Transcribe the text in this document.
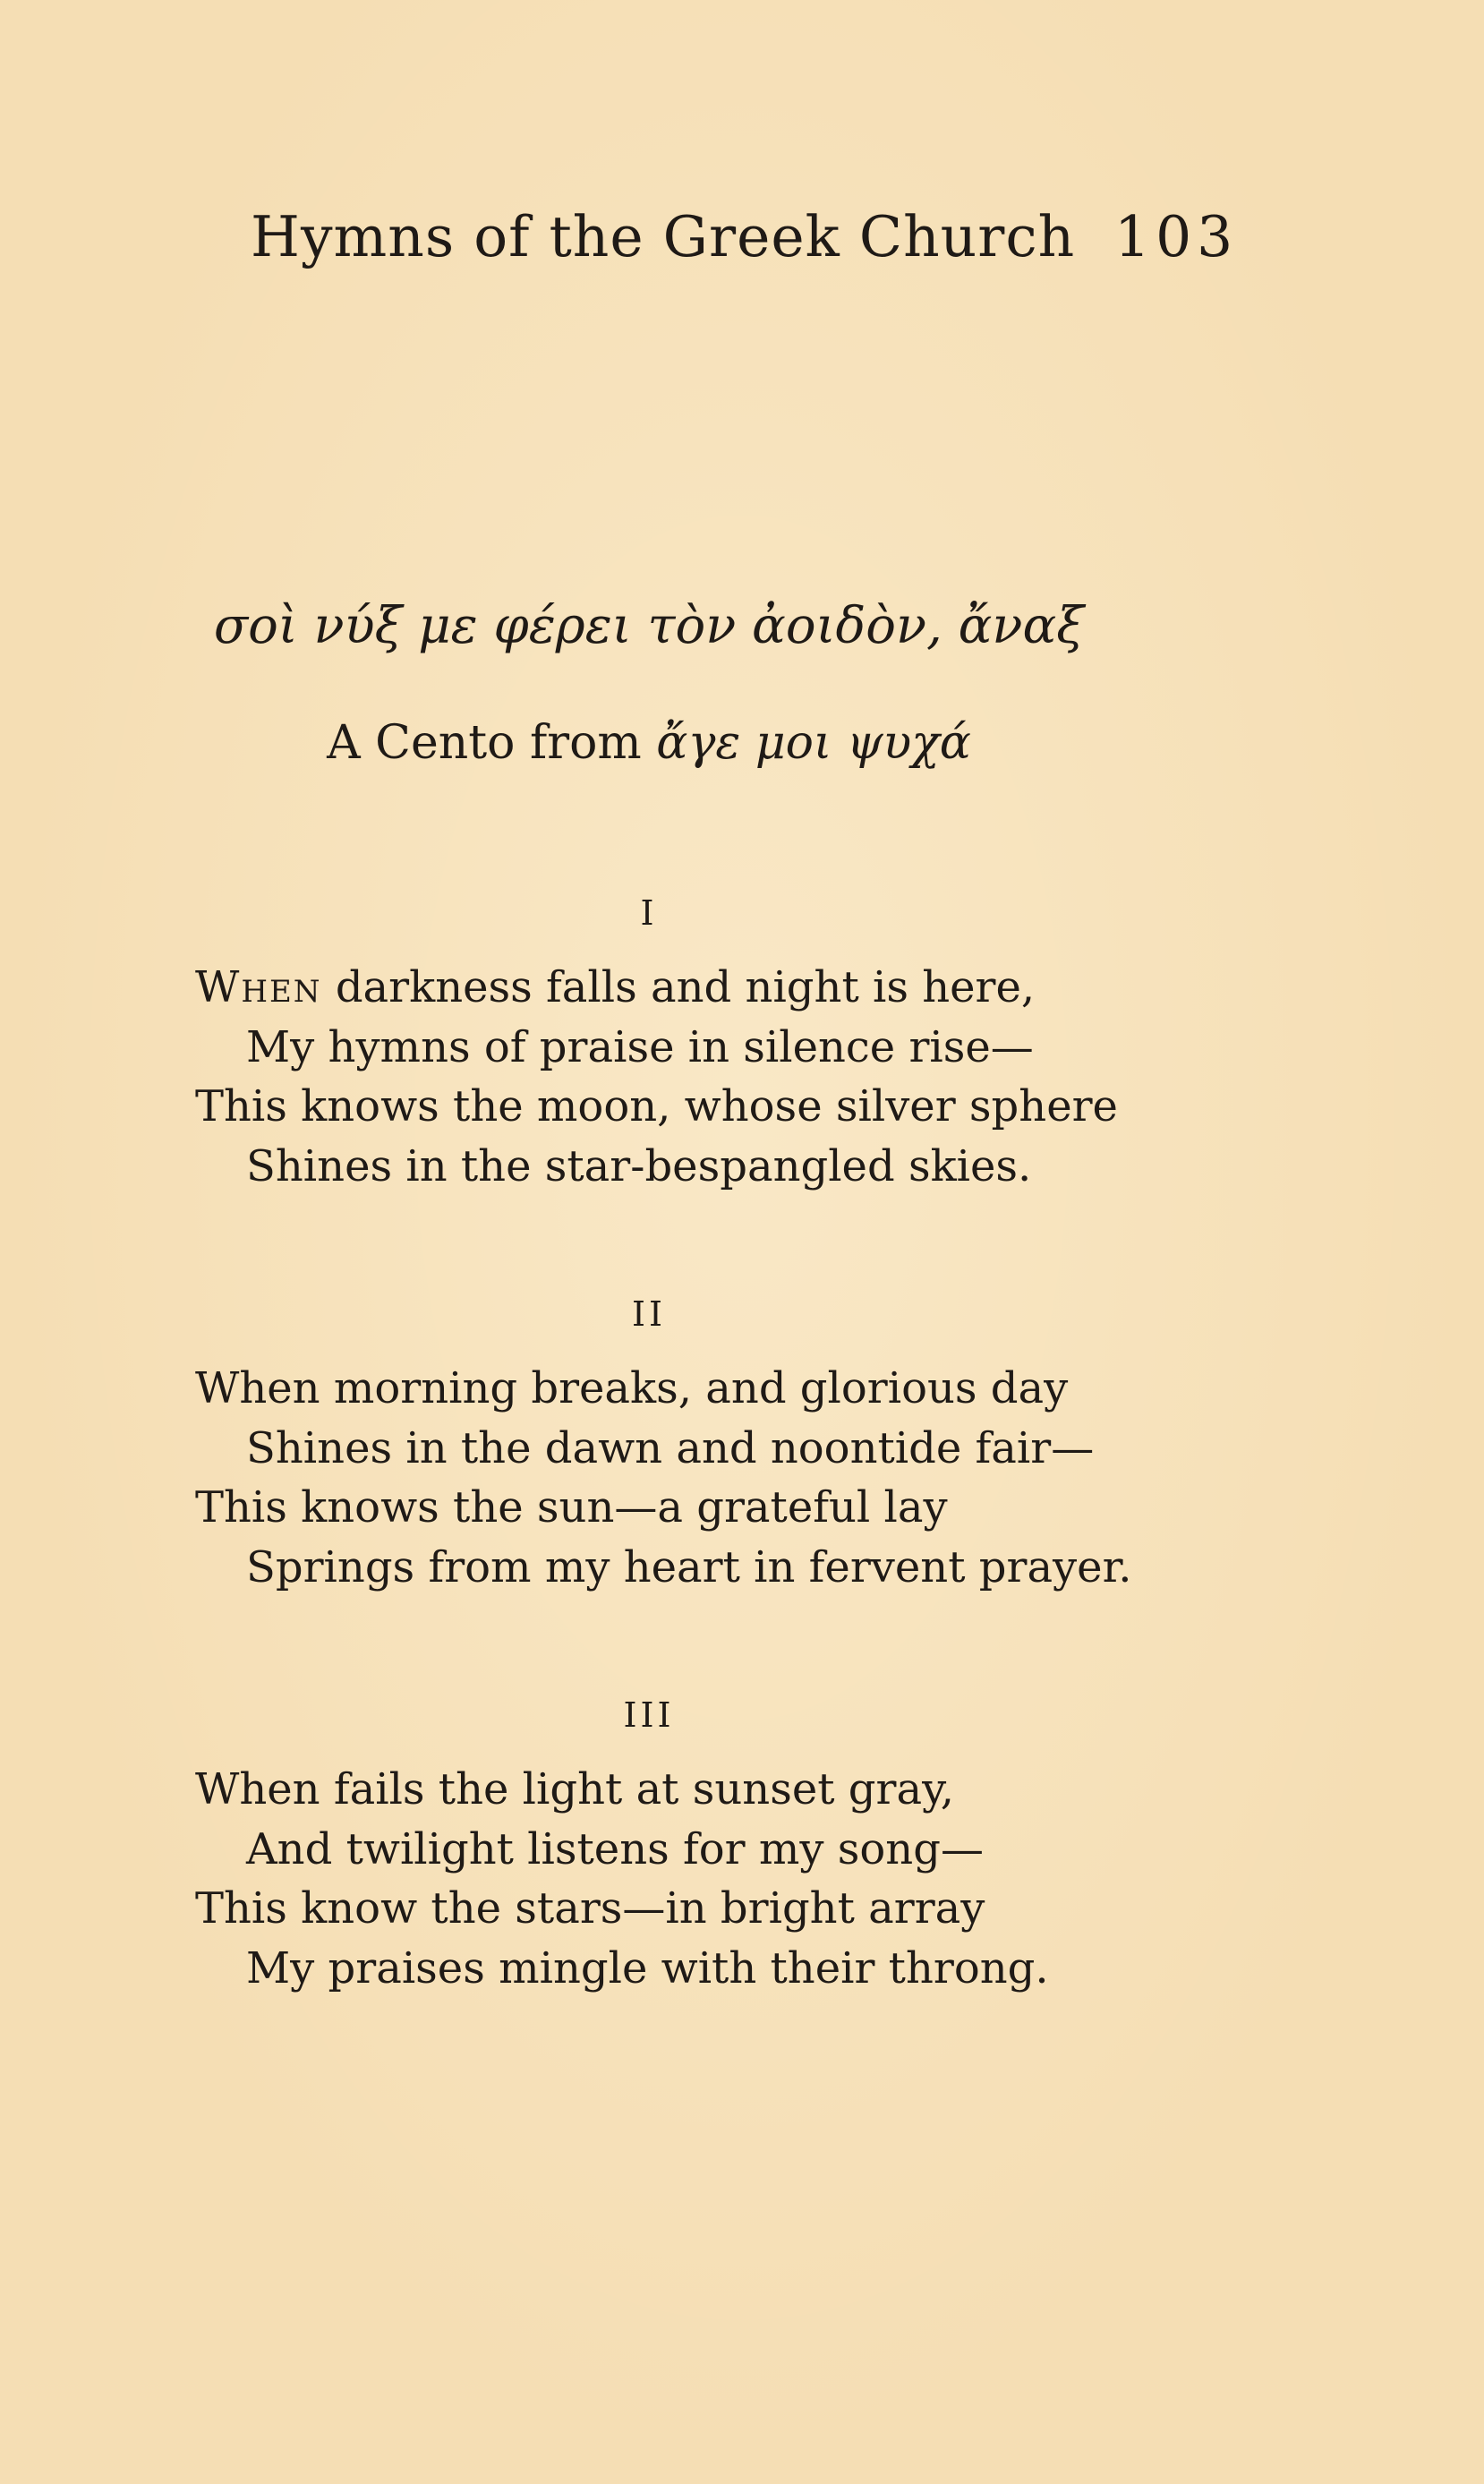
Hymns of the Greek Church 103
σοὶ νύξ με φέρει τὸν ἀοιδὸν, ἄναξ
A Cento from ἄγε μοι ψυχά
I
When darkness falls and night is here,
My hymns of praise in silence rise—
This knows the moon, whose silver sphere
Shines in the star-bespangled skies.
II
When morning breaks, and glorious day
Shines in the dawn and noontide fair—
This knows the sun—a grateful lay
Springs from my heart in fervent prayer.
III
When fails the light at sunset gray,
And twilight listens for my song—
This know the stars—in bright array
My praises mingle with their throng.
